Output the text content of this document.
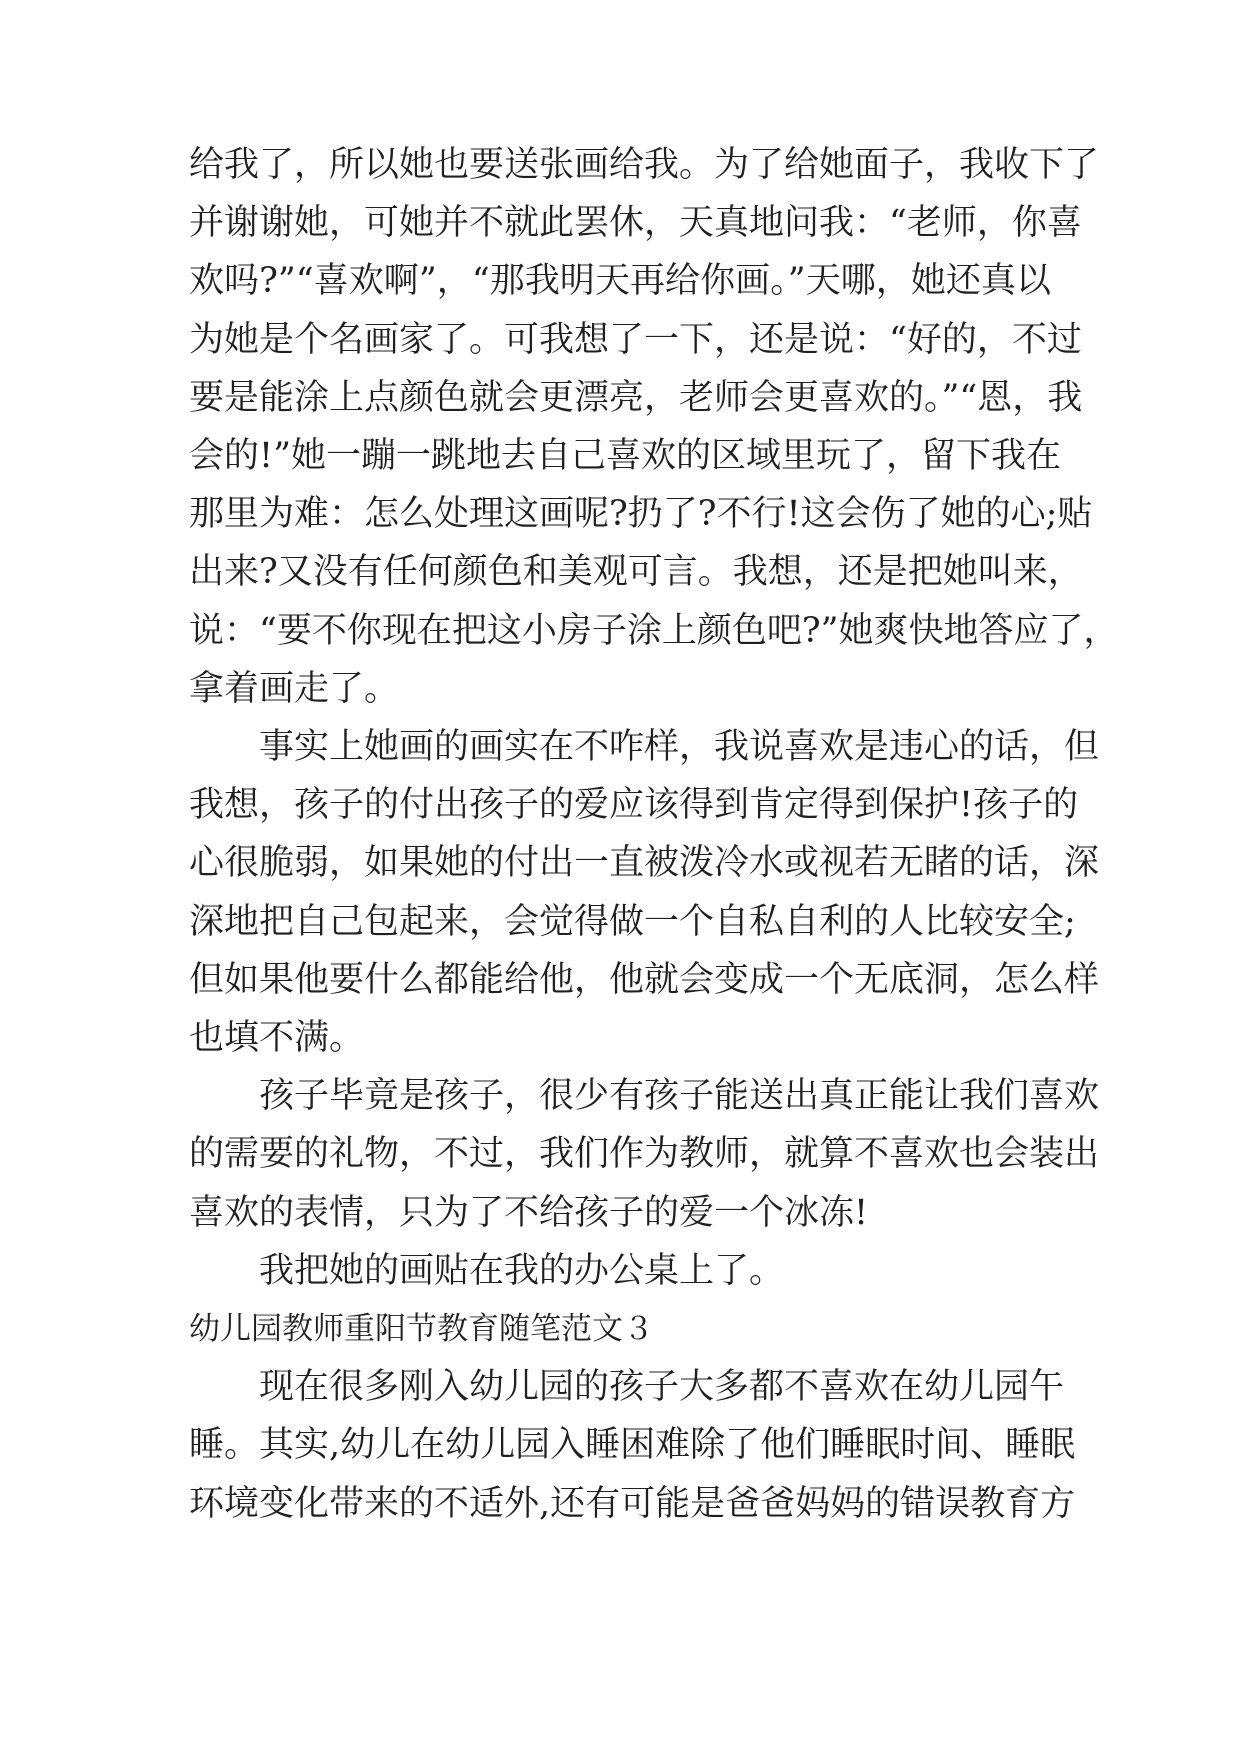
给我了，所以她也要送张画给我。为了给她面子，我收下了
并谢谢她，可她并不就此罢休，天真地问我：“老师，你喜
欢吗?”“喜欢啊”，“那我明天再给你画。”天哪，她还真以
为她是个名画家了。可我想了一下，还是说：“好的，不过
要是能涂上点颜色就会更漂亮，老师会更喜欢的。”“恩，我
会的!”她一蹦一跳地去自己喜欢的区域里玩了，留下我在
那里为难：怎么处理这画呢?扔了?不行!这会伤了她的心;贴
出来?又没有任何颜色和美观可言。我想，还是把她叫来，
说：“要不你现在把这小房子涂上颜色吧?”她爽快地答应了，
拿着画走了。
事实上她画的画实在不咋样，我说喜欢是违心的话，但
我想，孩子的付出孩子的爱应该得到肯定得到保护!孩子的
心很脆弱，如果她的付出一直被泼冷水或视若无睹的话，深
深地把自己包起来，会觉得做一个自私自利的人比较安全;
但如果他要什么都能给他，他就会变成一个无底洞，怎么样
也填不满。
孩子毕竟是孩子，很少有孩子能送出真正能让我们喜欢
的需要的礼物，不过，我们作为教师，就算不喜欢也会装出
喜欢的表情，只为了不给孩子的爱一个冰冻!
我把她的画贴在我的办公桌上了。
幼儿园教师重阳节教育随笔范文３
现在很多刚入幼儿园的孩子大多都不喜欢在幼儿园午
睡。其实,幼儿在幼儿园入睡困难除了他们睡眠时间、睡眠
环境变化带来的不适外,还有可能是爸爸妈妈的错误教育方
